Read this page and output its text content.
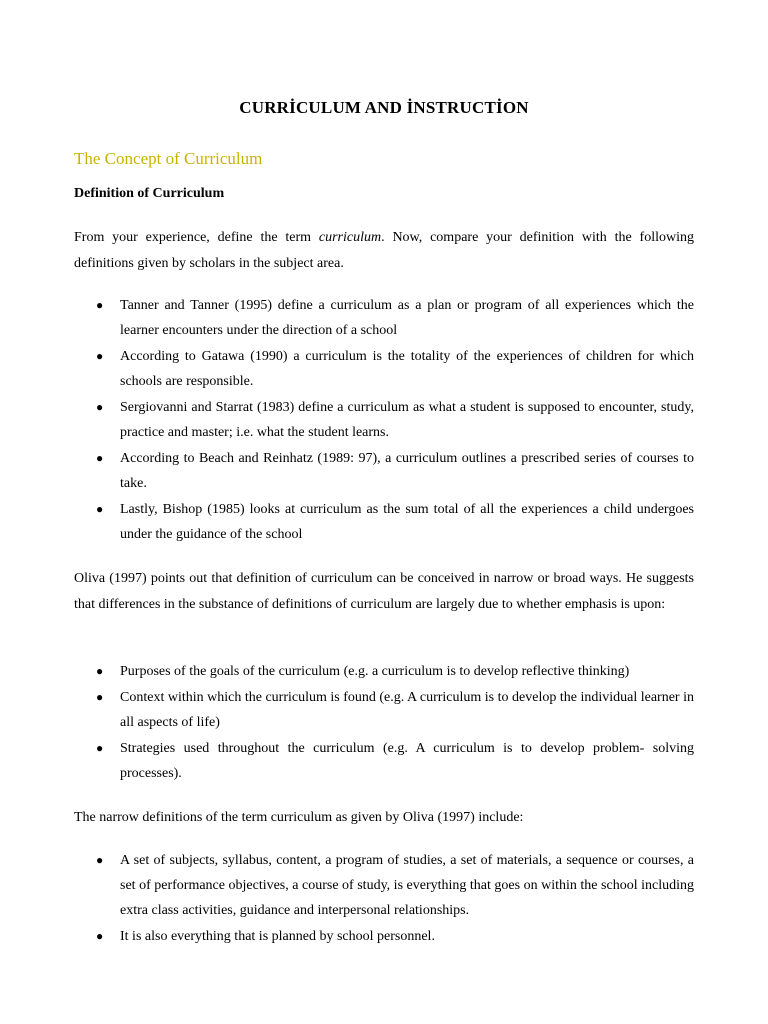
CURRİCULUM AND İNSTRUCTİON
The Concept of Curriculum
Definition of Curriculum

From your experience, define the term curriculum. Now, compare your definition with the following definitions given by scholars in the subject area.

● Tanner and Tanner (1995) define a curriculum as a plan or program of all experiences which the learner encounters under the direction of a school
● According to Gatawa (1990) a curriculum is the totality of the experiences of children for which schools are responsible.
● Sergiovanni and Starrat (1983) define a curriculum as what a student is supposed to encounter, study, practice and master; i.e. what the student learns.
● According to Beach and Reinhatz (1989: 97), a curriculum outlines a prescribed series of courses to take.
● Lastly, Bishop (1985) looks at curriculum as the sum total of all the experiences a child undergoes under the guidance of the school

Oliva (1997) points out that definition of curriculum can be conceived in narrow or broad ways. He suggests that differences in the substance of definitions of curriculum are largely due to whether emphasis is upon:

● Purposes of the goals of the curriculum (e.g. a curriculum is to develop reflective thinking)
● Context within which the curriculum is found (e.g. A curriculum is to develop the individual learner in all aspects of life)
● Strategies used throughout the curriculum (e.g. A curriculum is to develop problem- solving processes).

The narrow definitions of the term curriculum as given by Oliva (1997) include:

● A set of subjects, syllabus, content, a program of studies, a set of materials, a sequence or courses, a set of performance objectives, a course of study, is everything that goes on within the school including extra class activities, guidance and interpersonal relationships.
● It is also everything that is planned by school personnel.
